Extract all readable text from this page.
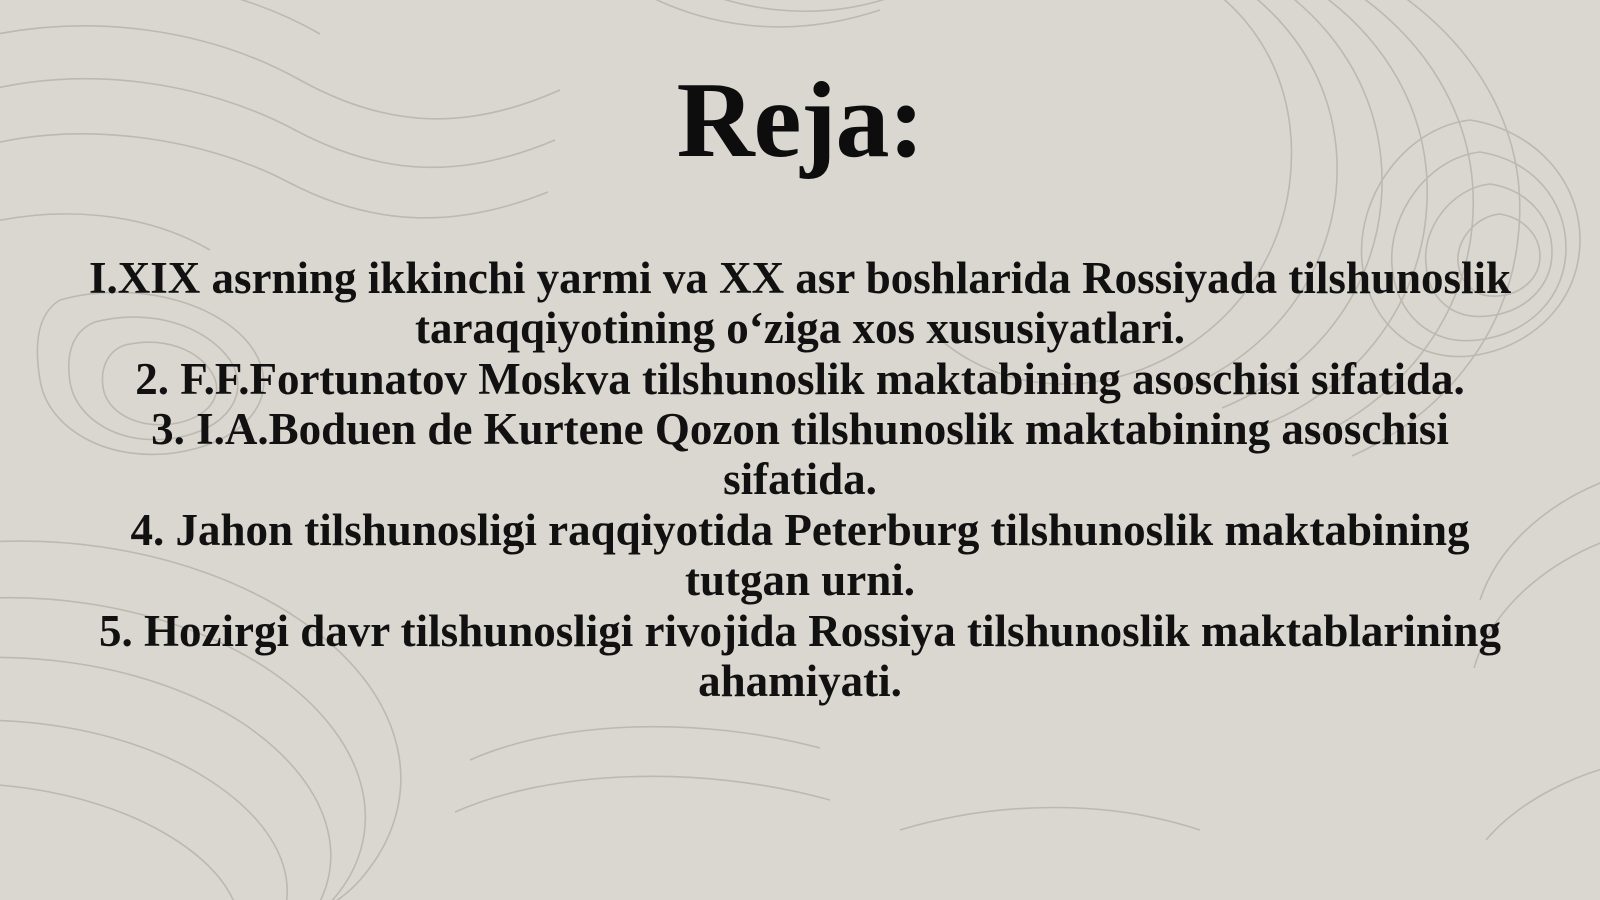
Reja:
I.XIX asrning ikkinchi yarmi va XX asr boshlarida Rossiyada tilshunoslik taraqqiyotining o‘ziga xos xususiyatlari.
2. F.F.Fortunatov Moskva tilshunoslik maktabining asoschisi sifatida.
3. I.A.Boduen de Kurtene Qozon tilshunoslik maktabining asoschisi sifatida.
4. Jahon tilshunosligi raqqiyotida Peterburg tilshunoslik maktabining tutgan urni.
5. Hozirgi davr tilshunosligi rivojida Rossiya tilshunoslik maktablarining ahamiyati.
